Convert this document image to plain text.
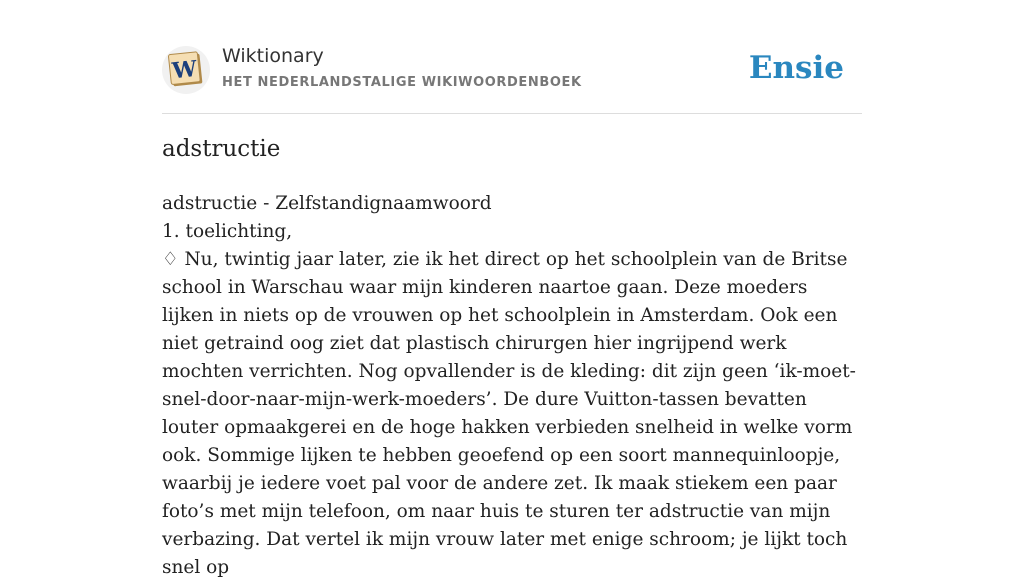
W Wiktionary
HET NEDERLANDSTALIGE WIKIWOORDENBOEK	Ensie
adstructie

adstructie - Zelfstandignaamwoord

1. toelichting,

♢ Nu, twintig jaar later, zie ik het direct op het schoolplein van de Britse school in Warschau waar mijn kinderen naartoe gaan. Deze moeders lijken in niets op de vrouwen op het schoolplein in Amsterdam. Ook een niet getraind oog ziet dat plastisch chirurgen hier ingrijpend werk mochten verrichten. Nog opvallender is de kleding: dit zijn geen ‘ik-moet-snel-door-naar-mijn-werk-moeders’. De dure Vuitton-tassen bevatten louter opmaakgerei en de hoge hakken verbieden snelheid in welke vorm ook. Sommige lijken te hebben geoefend op een soort mannequinloopje, waarbij je iedere voet pal voor de andere zet. Ik maak stiekem een paar foto’s met mijn telefoon, om naar huis te sturen ter adstructie van mijn verbazing. Dat vertel ik mijn vrouw later met enige schroom; je lijkt toch snel op
